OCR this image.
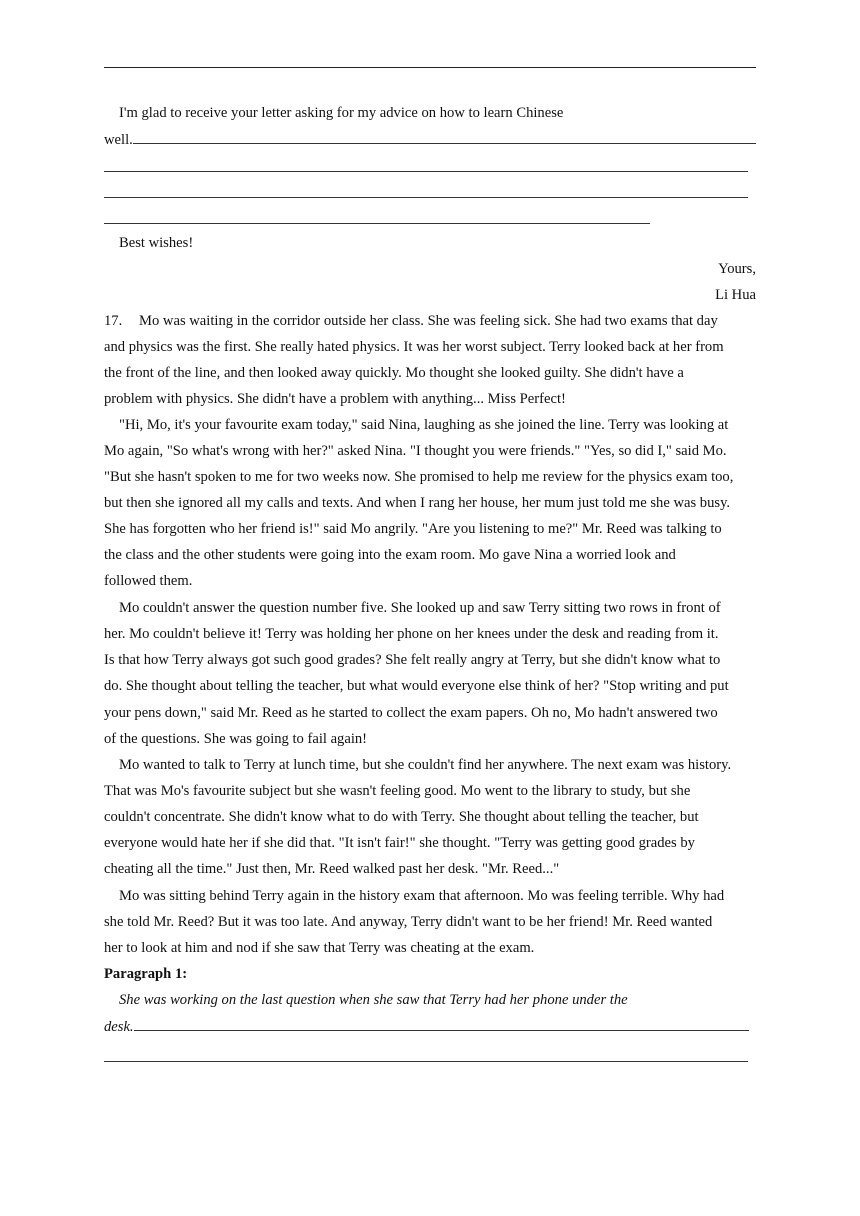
I'm glad to receive your letter asking for my advice on how to learn Chinese
well.
Best wishes!
Yours,
Li Hua
17. Mo was waiting in the corridor outside her class. She was feeling sick. She had two exams that day
and physics was the first. She really hated physics. It was her worst subject. Terry looked back at her from
the front of the line, and then looked away quickly. Mo thought she looked guilty. She didn't have a
problem with physics. She didn't have a problem with anything... Miss Perfect!
"Hi, Mo, it's your favourite exam today," said Nina, laughing as she joined the line. Terry was looking at
Mo again, "So what's wrong with her?" asked Nina. "I thought you were friends." "Yes, so did I," said Mo.
"But she hasn't spoken to me for two weeks now. She promised to help me review for the physics exam too,
but then she ignored all my calls and texts. And when I rang her house, her mum just told me she was busy.
She has forgotten who her friend is!" said Mo angrily. "Are you listening to me?" Mr. Reed was talking to
the class and the other students were going into the exam room. Mo gave Nina a worried look and
followed them.
Mo couldn't answer the question number five. She looked up and saw Terry sitting two rows in front of
her. Mo couldn't believe it! Terry was holding her phone on her knees under the desk and reading from it.
Is that how Terry always got such good grades? She felt really angry at Terry, but she didn't know what to
do. She thought about telling the teacher, but what would everyone else think of her? "Stop writing and put
your pens down," said Mr. Reed as he started to collect the exam papers. Oh no, Mo hadn't answered two
of the questions. She was going to fail again!
Mo wanted to talk to Terry at lunch time, but she couldn't find her anywhere. The next exam was history.
That was Mo's favourite subject but she wasn't feeling good. Mo went to the library to study, but she
couldn't concentrate. She didn't know what to do with Terry. She thought about telling the teacher, but
everyone would hate her if she did that. "It isn't fair!" she thought. "Terry was getting good grades by
cheating all the time." Just then, Mr. Reed walked past her desk. "Mr. Reed..."
Mo was sitting behind Terry again in the history exam that afternoon. Mo was feeling terrible. Why had
she told Mr. Reed? But it was too late. And anyway, Terry didn't want to be her friend! Mr. Reed wanted
her to look at him and nod if she saw that Terry was cheating at the exam.
Paragraph 1:
She was working on the last question when she saw that Terry had her phone under the
desk.
